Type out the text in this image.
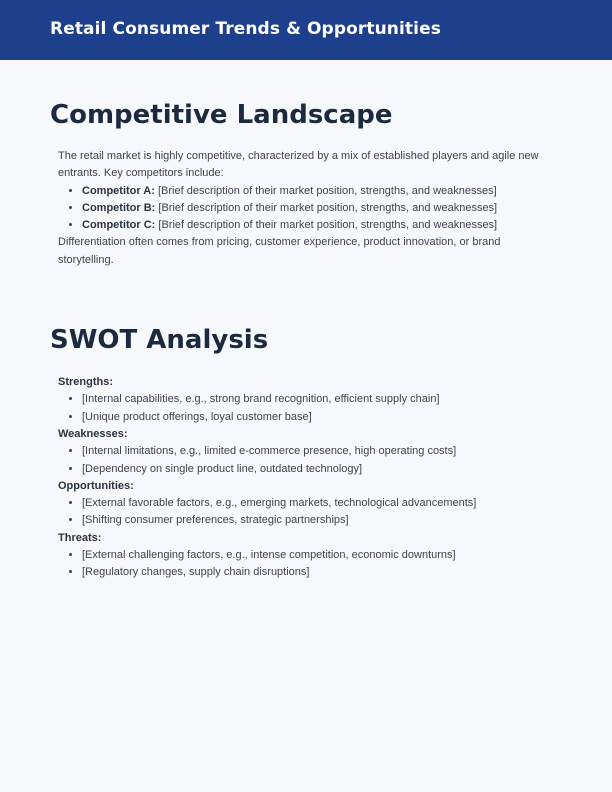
Retail Consumer Trends & Opportunities
Competitive Landscape

The retail market is highly competitive, characterized by a mix of established players and agile new entrants. Key competitors include:

• Competitor A: [Brief description of their market position, strengths, and weaknesses]
• Competitor B: [Brief description of their market position, strengths, and weaknesses]
• Competitor C: [Brief description of their market position, strengths, and weaknesses]

Differentiation often comes from pricing, customer experience, product innovation, or brand storytelling.

SWOT Analysis

Strengths:

• [Internal capabilities, e.g., strong brand recognition, efficient supply chain]
• [Unique product offerings, loyal customer base]

Weaknesses:

• [Internal limitations, e.g., limited e-commerce presence, high operating costs]
• [Dependency on single product line, outdated technology]

Opportunities:

• [External favorable factors, e.g., emerging markets, technological advancements]
• [Shifting consumer preferences, strategic partnerships]

Threats:

• [External challenging factors, e.g., intense competition, economic downturns]
• [Regulatory changes, supply chain disruptions]
